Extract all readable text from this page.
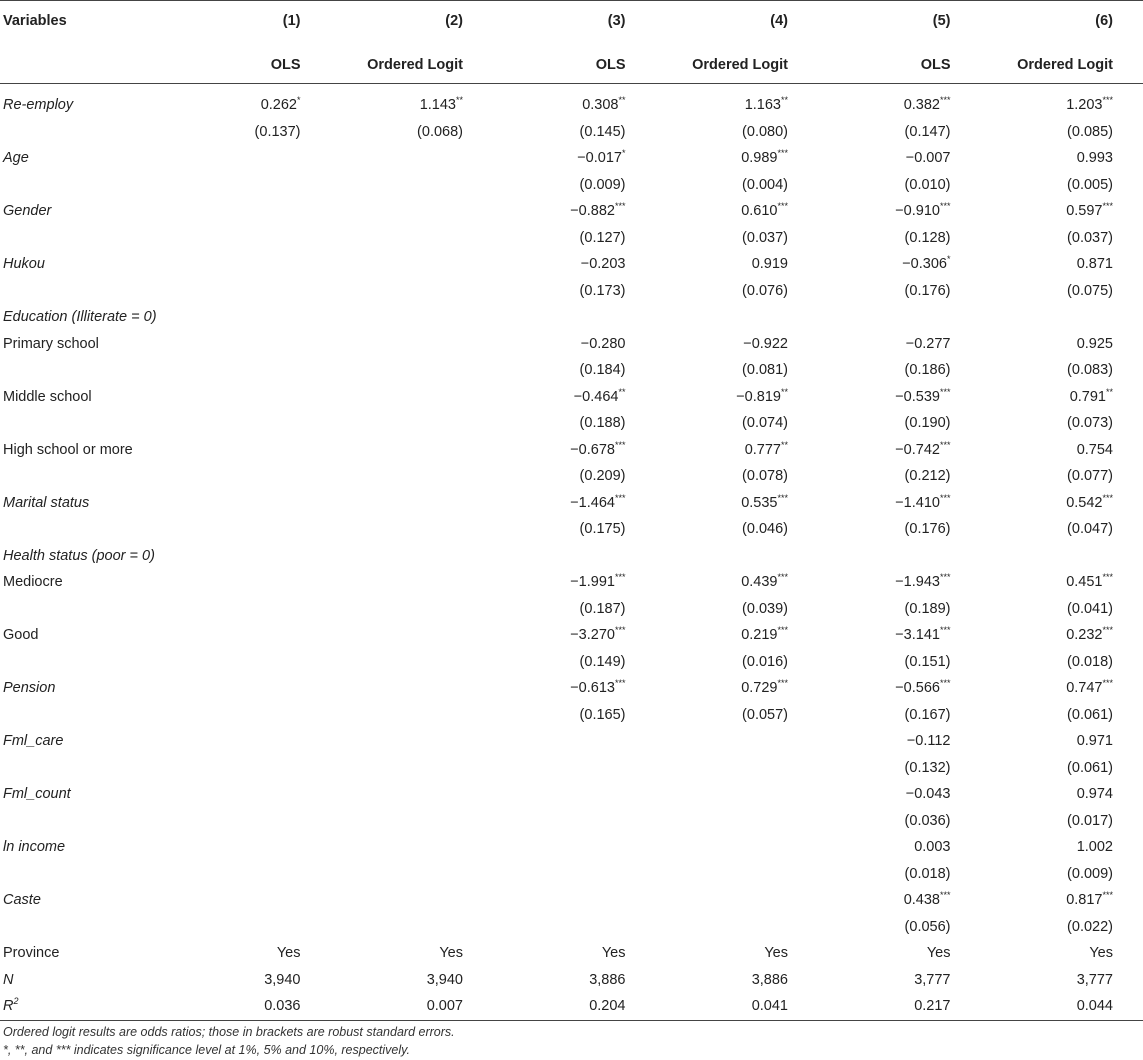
Variables	(1)	(2)	(3)	(4)	(5)	(6)
	OLS	Ordered Logit	OLS	Ordered Logit	OLS	Ordered Logit
Re-employ	0.262*	1.143**	0.308**	1.163**	0.382***	1.203***
	(0.137)	(0.068)	(0.145)	(0.080)	(0.147)	(0.085)
Age			−0.017*	0.989***	−0.007	0.993
			(0.009)	(0.004)	(0.010)	(0.005)
Gender			−0.882***	0.610***	−0.910***	0.597***
			(0.127)	(0.037)	(0.128)	(0.037)
Hukou			−0.203	0.919	−0.306*	0.871
			(0.173)	(0.076)	(0.176)	(0.075)
Education (Illiterate = 0)						
Primary school			−0.280	−0.922	−0.277	0.925
			(0.184)	(0.081)	(0.186)	(0.083)
Middle school			−0.464**	−0.819**	−0.539***	0.791**
			(0.188)	(0.074)	(0.190)	(0.073)
High school or more			−0.678***	0.777**	−0.742***	0.754
			(0.209)	(0.078)	(0.212)	(0.077)
Marital status			−1.464***	0.535***	−1.410***	0.542***
			(0.175)	(0.046)	(0.176)	(0.047)
Health status (poor = 0)						
Mediocre			−1.991***	0.439***	−1.943***	0.451***
			(0.187)	(0.039)	(0.189)	(0.041)
Good			−3.270***	0.219***	−3.141***	0.232***
			(0.149)	(0.016)	(0.151)	(0.018)
Pension			−0.613***	0.729***	−0.566***	0.747***
			(0.165)	(0.057)	(0.167)	(0.061)
Fml_care					−0.112	0.971
					(0.132)	(0.061)
Fml_count					−0.043	0.974
					(0.036)	(0.017)
ln income					0.003	1.002
					(0.018)	(0.009)
Caste					0.438***	0.817***
					(0.056)	(0.022)
Province	Yes	Yes	Yes	Yes	Yes	Yes
N	3,940	3,940	3,886	3,886	3,777	3,777
$R^2$	0.036	0.007	0.204	0.041	0.217	0.044
Ordered logit results are odds ratios; those in brackets are robust standard errors.
*, **, and *** indicates significance level at 1%, 5% and 10%, respectively.
